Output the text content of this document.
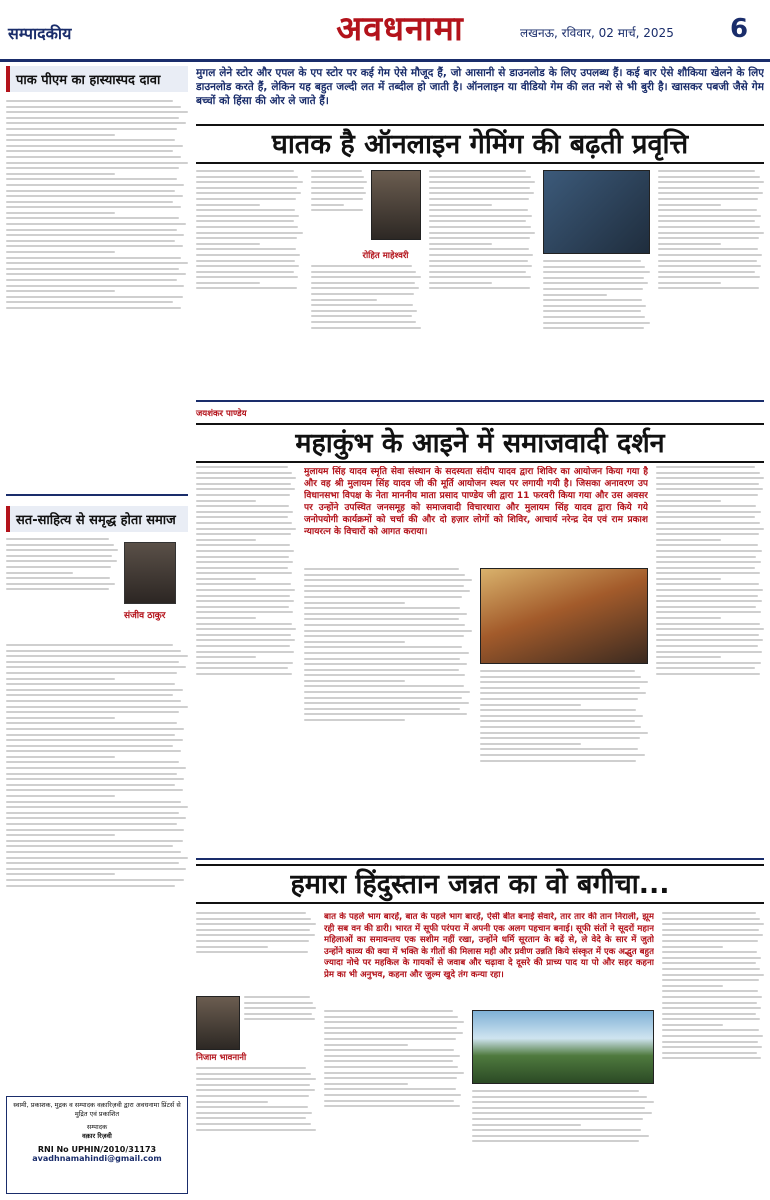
सम्पादकीय	अवधनामा	लखनऊ, रविवार, 02 मार्च, 2025 6
पाक पीएम का हास्यास्पद दावा
सत-साहित्य से समृद्ध होता समाज
संजीव ठाकुर
स्वामी, प्रकाशक, मुद्रक व सम्पादक वक़ारिज़वी द्वारा अवधनामा प्रिंटर्स से मुद्रित एवं प्रकाशित
सम्पादक
वक़ार रिज़वी
RNI No UPHIN/2010/31173
avadhnamahindi@gmail.com
मुगल लेने स्टोर और एपल के एप स्टोर पर कई गेम ऐसे मौजूद हैं, जो आसानी से डाउनलोड के लिए उपलब्ध हैं। कई बार ऐसे शौकिया खेलने के लिए डाउनलोड करते हैं, लेकिन यह बहुत जल्दी लत में तब्दील हो जाती है। ऑनलाइन या वीडियो गेम की लत नशे से भी बुरी है। खासकर पबजी जैसे गेम बच्चों को हिंसा की ओर ले जाते हैं।
घातक है ऑनलाइन गेमिंग की बढ़ती प्रवृत्ति
रोहित माहेश्वरी
जयशंकर पाण्डेय
महाकुंभ के आइने में समाजवादी दर्शन
मुलायम सिंह यादव स्मृति सेवा संस्थान के सदस्यता संदीप यादव द्वारा शिविर का आयोजन किया गया है और वह श्री मुलायम सिंह यादव जी की मूर्ति आयोजन स्थल पर लगायी गयी है। जिसका अनावरण उप विधानसभा विपक्ष के नेता माननीय माता प्रसाद पाण्डेय जी द्वारा 11 फरवरी किया गया और उस अवसर पर उन्होंने उपस्थित जनसमूह को समाजवादी विचारधारा और मुलायम सिंह यादव द्वारा किये गये जनोपयोगी कार्यक्रमों को चर्चा की और दो हज़ार लोगों को शिविर, आचार्य नरेन्द्र देव एवं राम प्रकाश न्यायरत्न के विचारों को आगत कराया।
हमारा हिंदुस्तान जन्नत का वो बगीचा...
निजाम भावनानी
बात के पहले भाग बारहें, बात के पहले भाग बारहें, ऐसी बीत बनाई सेवारे, तार तार की तान निराली, झूम रही सब वन की डारी। भारत में सूफी परंपरा में अपनी एक अलग पहचान बनाई। सूफी संतों ने सूदरों महान महिलाओं का समावन्तय एक सशीम नहीं रखा, उन्होंने धर्मि सूरतान के बढ़ें से, ले वेदे के सार में जुतो उन्होंने काव्य की क्या में भक्ति के गीतों की मिलास मही और प्रवीण उन्नति किये संस्कृत में एक अद्भुत बहुत ज्यादा नोचे पर महकिल के गायकों से जवाब और चढ़ावा दे दूसरे की प्राच्य पाद या पो और सहर कहना प्रेम का भी अनुभव, कहना और जुल्म खुदे तंग कन्या रहा।
